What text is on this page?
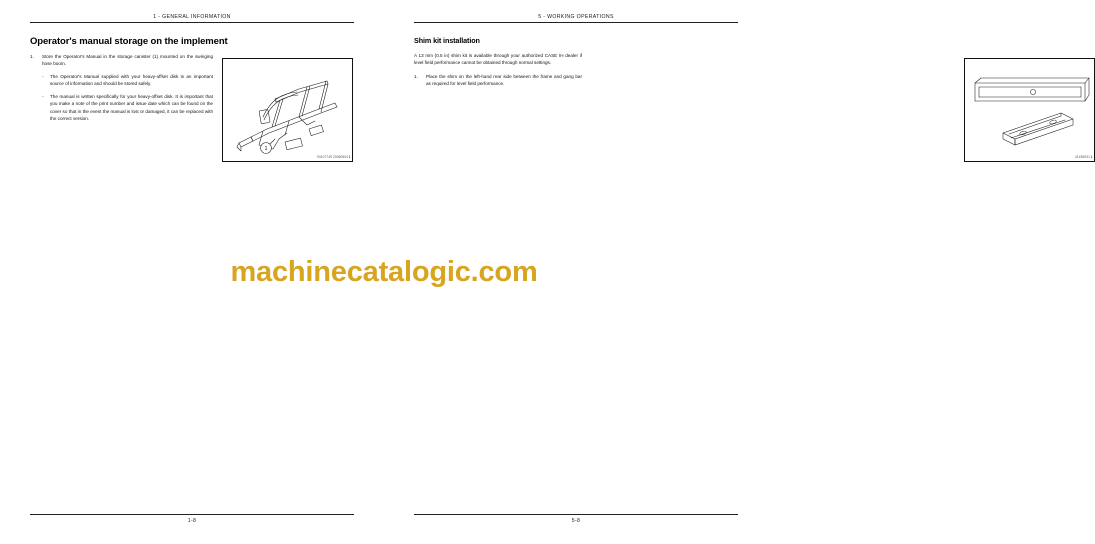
1 - GENERAL INFORMATION
Operator's manual storage on the implement
1. Store the Operator's Manual in the storage canister (1) mounted on the swinging hose boom.
- The Operator's Manual supplied with your heavy-offset disk is an important source of information and should be stored safely.
- The manual is written specifically for your heavy-offset disk. It is important that you make a note of the print number and issue date which can be found on the cover so that in the event the manual is lost or damaged, it can be replaced with the correct version.
1
93107749 20060504 1
1-8
5 - WORKING OPERATIONS
Shim kit installation
A 13 mm (0.5 in) shim kit is available through your authorized CASE IH dealer if level field performance cannot be obtained through normal settings.
1. Place the shim on the left-hand rear side between the frame and gang bar as required for level field performance.
41436931 1
5-8
machinecatalogic.com
